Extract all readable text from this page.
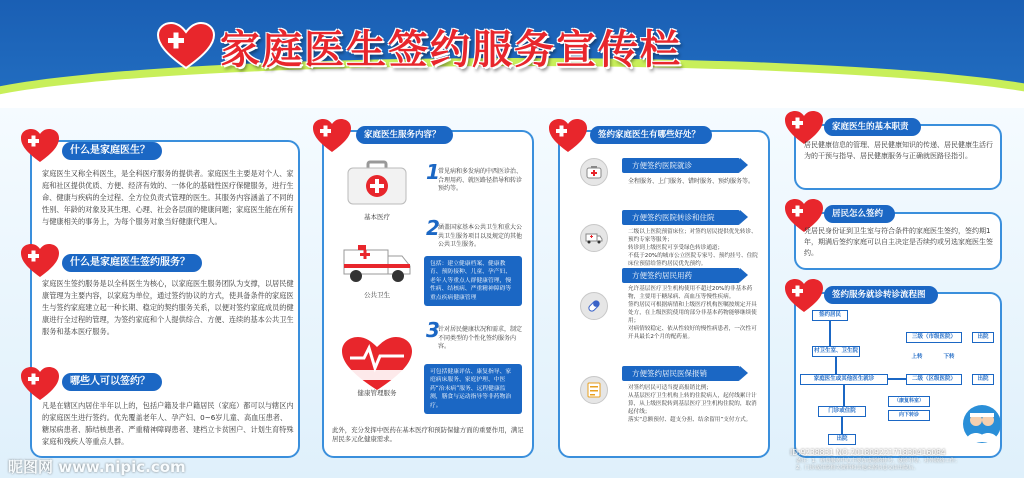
家庭医生签约服务宣传栏
什么是家庭医生？
家庭医生又称全科医生，是全科医疗服务的提供者。家庭医生主要是对个人、家庭和社区提供优质、方便、经济有效的、一体化的基础性医疗保健服务，进行生命、健康与疾病的全过程、全方位负责式管理的医生。其服务内容涵盖了不同的性别、年龄的对象及其生理、心理、社会各层面的健康问题；家庭医生能在所有与健康相关的事务上，为每个服务对象当好健康代理人。
什么是家庭医生签约服务？
家庭医生签约服务是以全科医生为核心，以家庭医生服务团队为支撑，以居民健康管理为主要内容，以家庭为单位，通过签约协议的方式，使具备条件的家庭医生与签约家庭建立起一种长期、稳定的契约服务关系，以便对签约家庭成员的健康进行全过程的管理，为签约家庭和个人提供综合、方便、连续的基本公共卫生服务和基本医疗服务。
哪些人可以签约？
凡是在辖区内居住半年以上的，包括户籍及非户籍居民（家庭）都可以与辖区内的家庭医生进行签约。优先覆盖老年人、孕产妇、0~6岁儿童、高血压患者、糖尿病患者、肺结核患者、严重精神障碍患者、建档立卡贫困户、计划生育特殊家庭和残疾人等重点人群。
家庭医生服务内容？
基本医疗
1
常见病和多发病的中西医诊治、合理用药、就医路径指导和转诊预约等。
公共卫生
2
涵盖国家基本公共卫生和重大公共卫生服务项目以及规定的其他公共卫生服务。
包括：建立健康档案、健康教育、预防接种、儿童、孕产妇、老年人等重点人群健康管理，慢性病、结核病、严重精神障碍等重点疾病健康管理
健康管理服务
3
针对居民健康状况和需求，制定不同类型的个性化签约服务内容。
可包括健康评估、康复指导、家庭病床服务、家庭护理、中医药“治未病”服务、远程健康监测，膳食与运动指导等非药物治疗。
此外，充分发挥中医药在基本医疗和预防保健方面的重要作用，满足居民多元化健康需求。
签约家庭医生有哪些好处？
方便签约医院就诊
全程服务、上门服务、错时服务、预约服务等。
方便签约医院转诊和住院
二级以上医院预留床位；对签约居民提供优先转诊、预约专家等服务；
转诊到上级医院可享受绿色转诊通道；
不低于20%的城市公立医院专家号、预约挂号、住院床位预留给签约居民优先预约。
方便签约居民用药
允许基层医疗卫生机构使用不超过20%的非基本药物，主要用于糖尿病、高血压等慢性疾病。
签约居民可根据病情和上级医疗机构医嘱按规定开具处方，在上级医院使用的部分非基本药物能够继续使用；
对病情较稳定、依从性较好的慢性病患者，一次性可开具最长2个月的配药量。
方便签约居民医保报销
对签约居民可适当提高报销比例；
从基层医疗卫生机构上转的住院病人，起付线累计计算，从上级医院转到基层医疗卫生机构住院的，取消起付线；
落实“总额预付、超支分担、结余留用”支付方式。
家庭医生的基本职责
居民健康信息的管理、居民健康知识的传递、居民健康生活行为的干预与指导、居民健康服务与正确就医路径指引。
居民怎么签约
凭居民身份证到卫生室与符合条件的家庭医生签约，签约期1年，期满后签约家庭可以自主决定是否续约或另选家庭医生签约。
签约服务就诊转诊流程图
签约居民
村卫生室、卫生院
家庭医生或其他医生就诊
门诊或住院
出院
三级（市级医院）
二级（区级医院）
上转	下转
出院
出院
（康复科室）
向下转诊
备注：1、病员服务中心主要负责预约挂号、就诊引导、对外联络工作；
2、门诊或住院相关资料和其他来源信息交由出院后。
昵图网 www.nipic.com
ID:9238831 NO:20180922171830416084
